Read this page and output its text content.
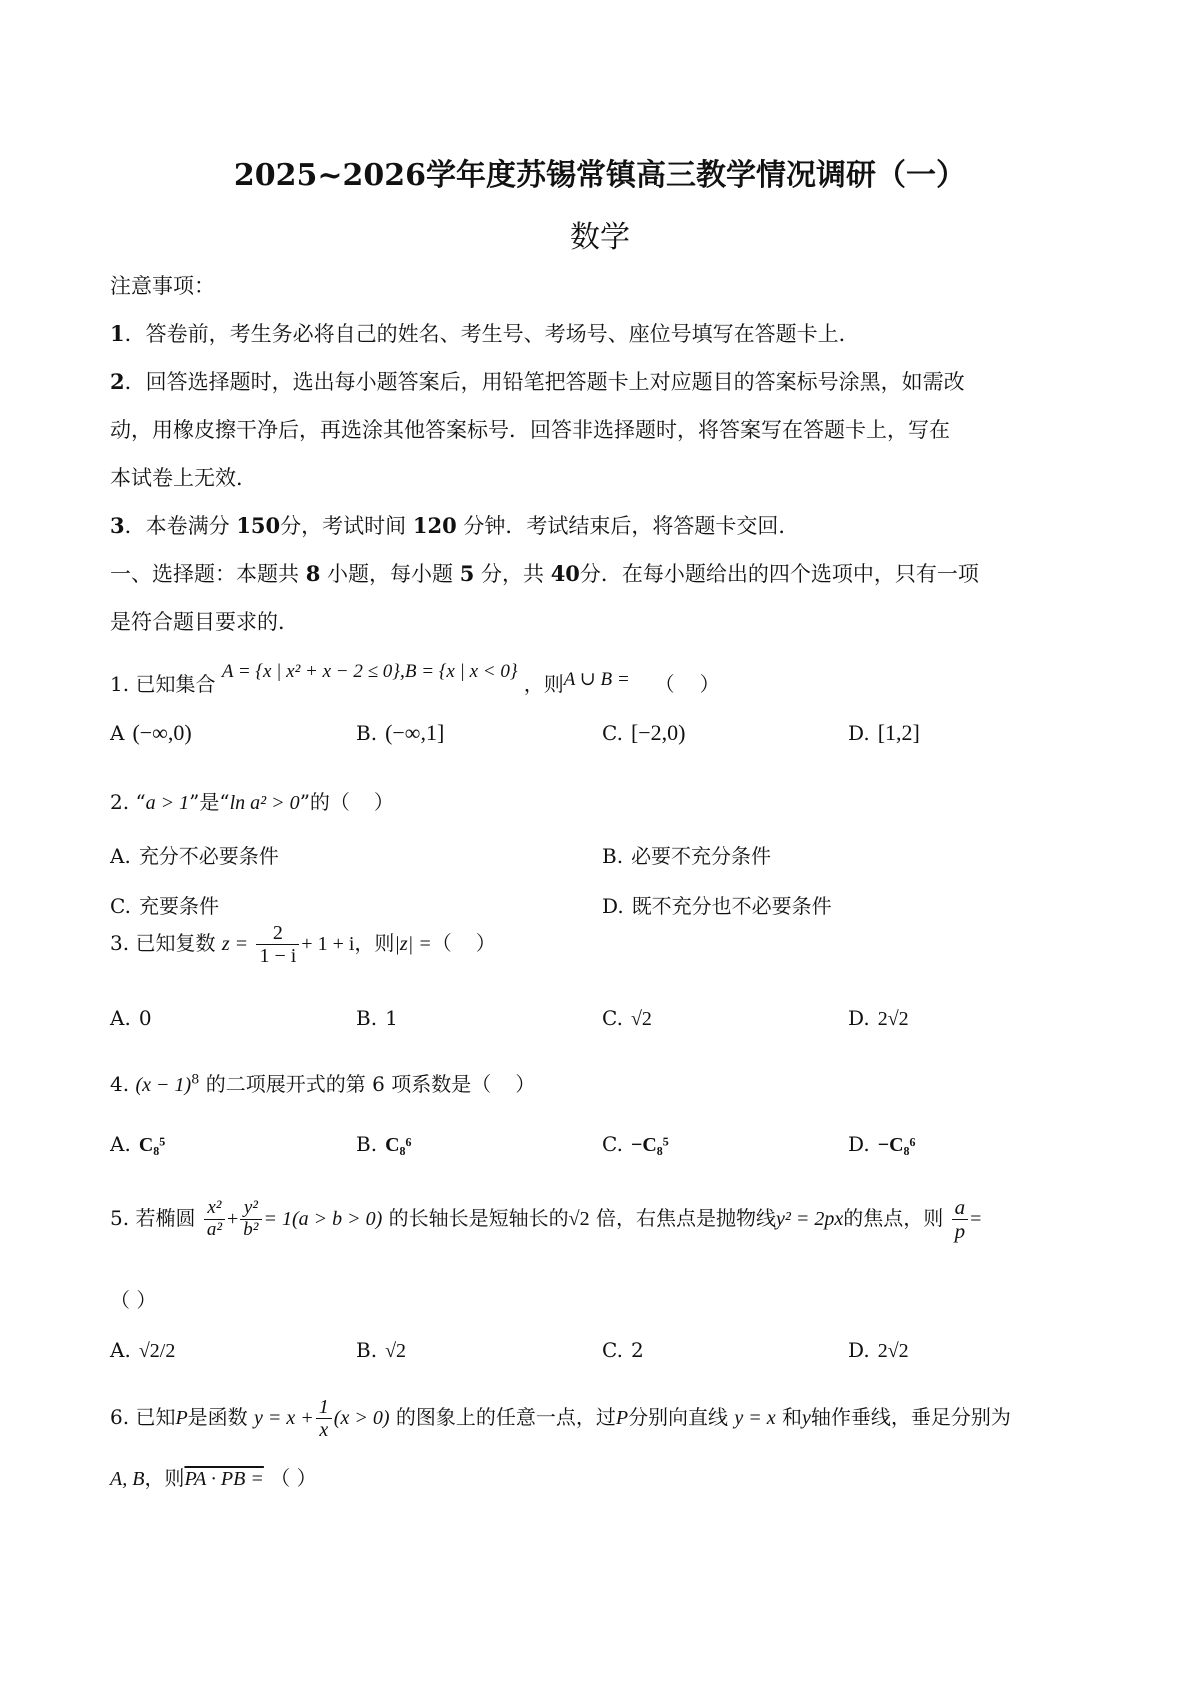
2025~2026学年度苏锡常镇高三教学情况调研（一）
数学
注意事项：
1．答卷前，考生务必将自己的姓名、考生号、考场号、座位号填写在答题卡上．
2．回答选择题时，选出每小题答案后，用铅笔把答题卡上对应题目的答案标号涂黑，如需改
动，用橡皮擦干净后，再选涂其他答案标号．回答非选择题时，将答案写在答题卡上，写在
本试卷上无效．
3．本卷满分 150分，考试时间 120 分钟．考试结束后，将答题卡交回．
一、选择题：本题共 8 小题，每小题 5 分，共 40分．在每小题给出的四个选项中，只有一项
是符合题目要求的．
1. 已知集合 A = {x | x² + x − 2 ≤ 0},B = {x | x < 0} ，则A ∪ B = （ ）
A (−∞,0)	B. (−∞,1]	C. [−2,0)	D. [1,2]
2. “a > 1”是“ln a² > 0”的（ ）
A. 充分不必要条件	B. 必要不充分条件
C. 充要条件	D. 既不充分也不必要条件
3. 已知复数 $z = \frac{2}{1 - i} + 1 + i$，则|z| =（ ）
A. 0	B. 1	C. √2	D. 2√2
4. $(x - 1)^8$ 的二项展开式的第 6 项系数是（ ）
A. C₈⁵	B. C₈⁶	C. −C₈⁵	D. −C₈⁶
5. 若椭圆 $\frac{\text{x²}}{\text{a²}} + \frac{\text{y²}}{\text{b²}} = 1(a > b > 0)$ 的长轴长是短轴长的√2 倍，右焦点是抛物线y² = 2px的焦点，则 $\frac{a}{p}$ =
（ ）
A. √2/2	B. √2	C. 2	D. 2√2
6. 已知P是函数 $y = x + \frac{1}{x} (x > 0)$ 的图象上的任意一点，过P分别向直线 y = x 和y轴作垂线，垂足分别为
A, B，则PA · PB = （ ）
